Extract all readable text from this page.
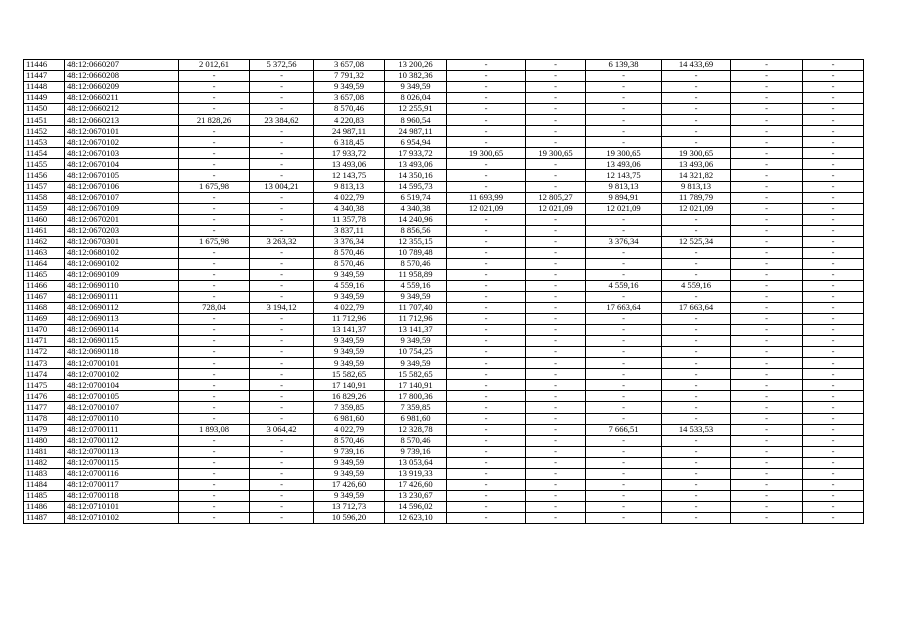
11446	48:12:0660207	2 012,61	5 372,56	3 657,08	13 200,26	-	-	6 139,38	14 433,69	-	-
11447	48:12:0660208	-	-	7 791,32	10 382,36	-	-	-	-	-	-
11448	48:12:0660209	-	-	9 349,59	9 349,59	-	-	-	-	-	-
11449	48:12:0660211	-	-	3 657,08	8 026,04	-	-	-	-	-	-
11450	48:12:0660212	-	-	8 570,46	12 255,91	-	-	-	-	-	-
11451	48:12:0660213	21 828,26	23 384,62	4 220,83	8 960,54	-	-	-	-	-	-
11452	48:12:0670101	-	-	24 987,11	24 987,11	-	-	-	-	-	-
11453	48:12:0670102	-	-	6 318,45	6 954,94	-	-	-	-	-	-
11454	48:12:0670103	-	-	17 933,72	17 933,72	19 300,65	19 300,65	19 300,65	19 300,65	-	-
11455	48:12:0670104	-	-	13 493,06	13 493,06	-	-	13 493,06	13 493,06	-	-
11456	48:12:0670105	-	-	12 143,75	14 350,16	-	-	12 143,75	14 321,82	-	-
11457	48:12:0670106	1 675,98	13 004,21	9 813,13	14 595,73	-	-	9 813,13	9 813,13	-	-
11458	48:12:0670107	-	-	4 022,79	6 519,74	11 693,99	12 805,27	9 894,91	11 789,79	-	-
11459	48:12:0670109	-	-	4 340,38	4 340,38	12 021,09	12 021,09	12 021,09	12 021,09	-	-
11460	48:12:0670201	-	-	11 357,78	14 240,96	-	-	-	-	-	-
11461	48:12:0670203	-	-	3 837,11	8 856,56	-	-	-	-	-	-
11462	48:12:0670301	1 675,98	3 263,32	3 376,34	12 355,15	-	-	3 376,34	12 525,34	-	-
11463	48:12:0680102	-	-	8 570,46	10 789,48	-	-	-	-	-	-
11464	48:12:0690102	-	-	8 570,46	8 570,46	-	-	-	-	-	-
11465	48:12:0690109	-	-	9 349,59	11 958,89	-	-	-	-	-	-
11466	48:12:0690110	-	-	4 559,16	4 559,16	-	-	4 559,16	4 559,16	-	-
11467	48:12:0690111	-	-	9 349,59	9 349,59	-	-	-	-	-	-
11468	48:12:0690112	728,04	3 194,12	4 022,79	11 707,40	-	-	17 663,64	17 663,64	-	-
11469	48:12:0690113	-	-	11 712,96	11 712,96	-	-	-	-	-	-
11470	48:12:0690114	-	-	13 141,37	13 141,37	-	-	-	-	-	-
11471	48:12:0690115	-	-	9 349,59	9 349,59	-	-	-	-	-	-
11472	48:12:0690118	-	-	9 349,59	10 754,25	-	-	-	-	-	-
11473	48:12:0700101	-	-	9 349,59	9 349,59	-	-	-	-	-	-
11474	48:12:0700102	-	-	15 582,65	15 582,65	-	-	-	-	-	-
11475	48:12:0700104	-	-	17 140,91	17 140,91	-	-	-	-	-	-
11476	48:12:0700105	-	-	16 829,26	17 800,36	-	-	-	-	-	-
11477	48:12:0700107	-	-	7 359,85	7 359,85	-	-	-	-	-	-
11478	48:12:0700110	-	-	6 981,60	6 981,60	-	-	-	-	-	-
11479	48:12:0700111	1 893,08	3 064,42	4 022,79	12 328,78	-	-	7 666,51	14 533,53	-	-
11480	48:12:0700112	-	-	8 570,46	8 570,46	-	-	-	-	-	-
11481	48:12:0700113	-	-	9 739,16	9 739,16	-	-	-	-	-	-
11482	48:12:0700115	-	-	9 349,59	13 053,64	-	-	-	-	-	-
11483	48:12:0700116	-	-	9 349,59	13 919,33	-	-	-	-	-	-
11484	48:12:0700117	-	-	17 426,60	17 426,60	-	-	-	-	-	-
11485	48:12:0700118	-	-	9 349,59	13 230,67	-	-	-	-	-	-
11486	48:12:0710101	-	-	13 712,73	14 596,02	-	-	-	-	-	-
11487	48:12:0710102	-	-	10 596,20	12 623,10	-	-	-	-	-	-
